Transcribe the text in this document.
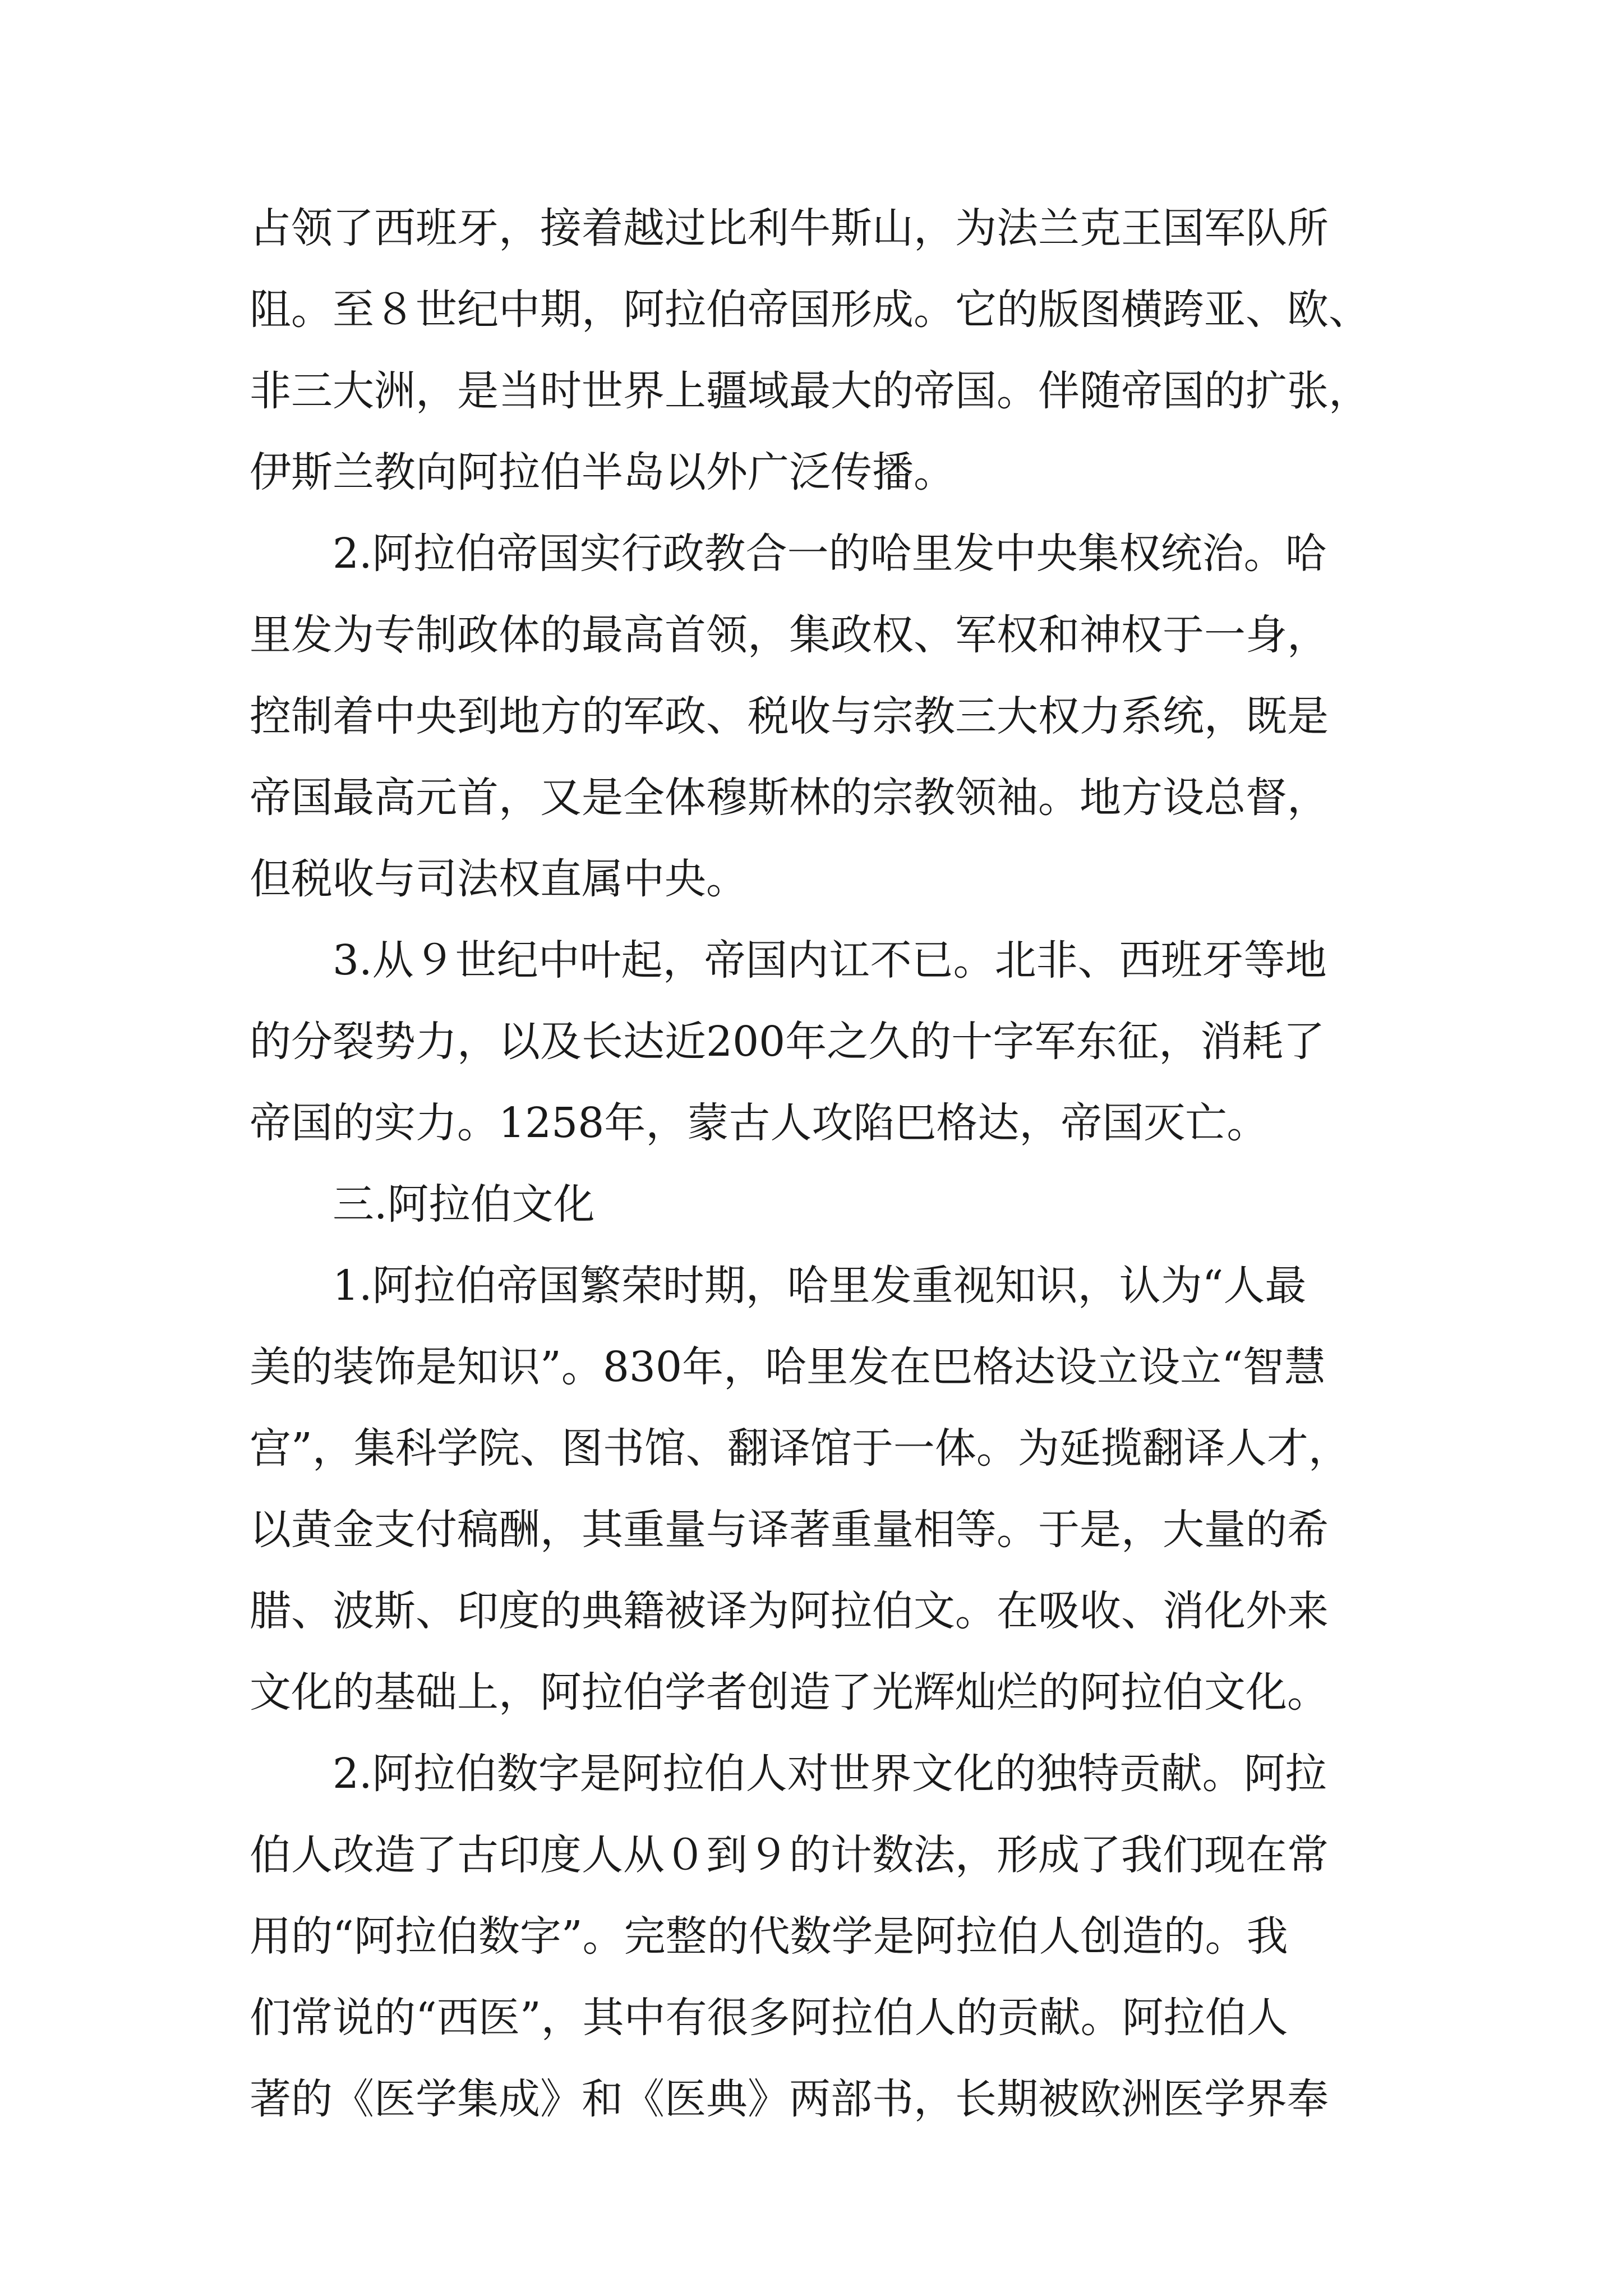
占领了西班牙，接着越过比利牛斯山，为法兰克王国军队所
阻。至８世纪中期，阿拉伯帝国形成。它的版图横跨亚、欧、
非三大洲，是当时世界上疆域最大的帝国。伴随帝国的扩张，
伊斯兰教向阿拉伯半岛以外广泛传播。
2.阿拉伯帝国实行政教合一的哈里发中央集权统治。哈
里发为专制政体的最高首领，集政权、军权和神权于一身，
控制着中央到地方的军政、税收与宗教三大权力系统，既是
帝国最高元首，又是全体穆斯林的宗教领袖。地方设总督，
但税收与司法权直属中央。
3.从９世纪中叶起，帝国内讧不已。北非、西班牙等地
的分裂势力，以及长达近200年之久的十字军东征，消耗了
帝国的实力。1258年，蒙古人攻陷巴格达，帝国灭亡。
三.阿拉伯文化
1.阿拉伯帝国繁荣时期，哈里发重视知识，认为“人最
美的装饰是知识”。830年，哈里发在巴格达设立设立“智慧
宫”，集科学院、图书馆、翻译馆于一体。为延揽翻译人才，
以黄金支付稿酬，其重量与译著重量相等。于是，大量的希
腊、波斯、印度的典籍被译为阿拉伯文。在吸收、消化外来
文化的基础上，阿拉伯学者创造了光辉灿烂的阿拉伯文化。
2.阿拉伯数字是阿拉伯人对世界文化的独特贡献。阿拉
伯人改造了古印度人从０到９的计数法，形成了我们现在常
用的“阿拉伯数字”。完整的代数学是阿拉伯人创造的。我
们常说的“西医”，其中有很多阿拉伯人的贡献。阿拉伯人
著的《医学集成》和《医典》两部书，长期被欧洲医学界奉
